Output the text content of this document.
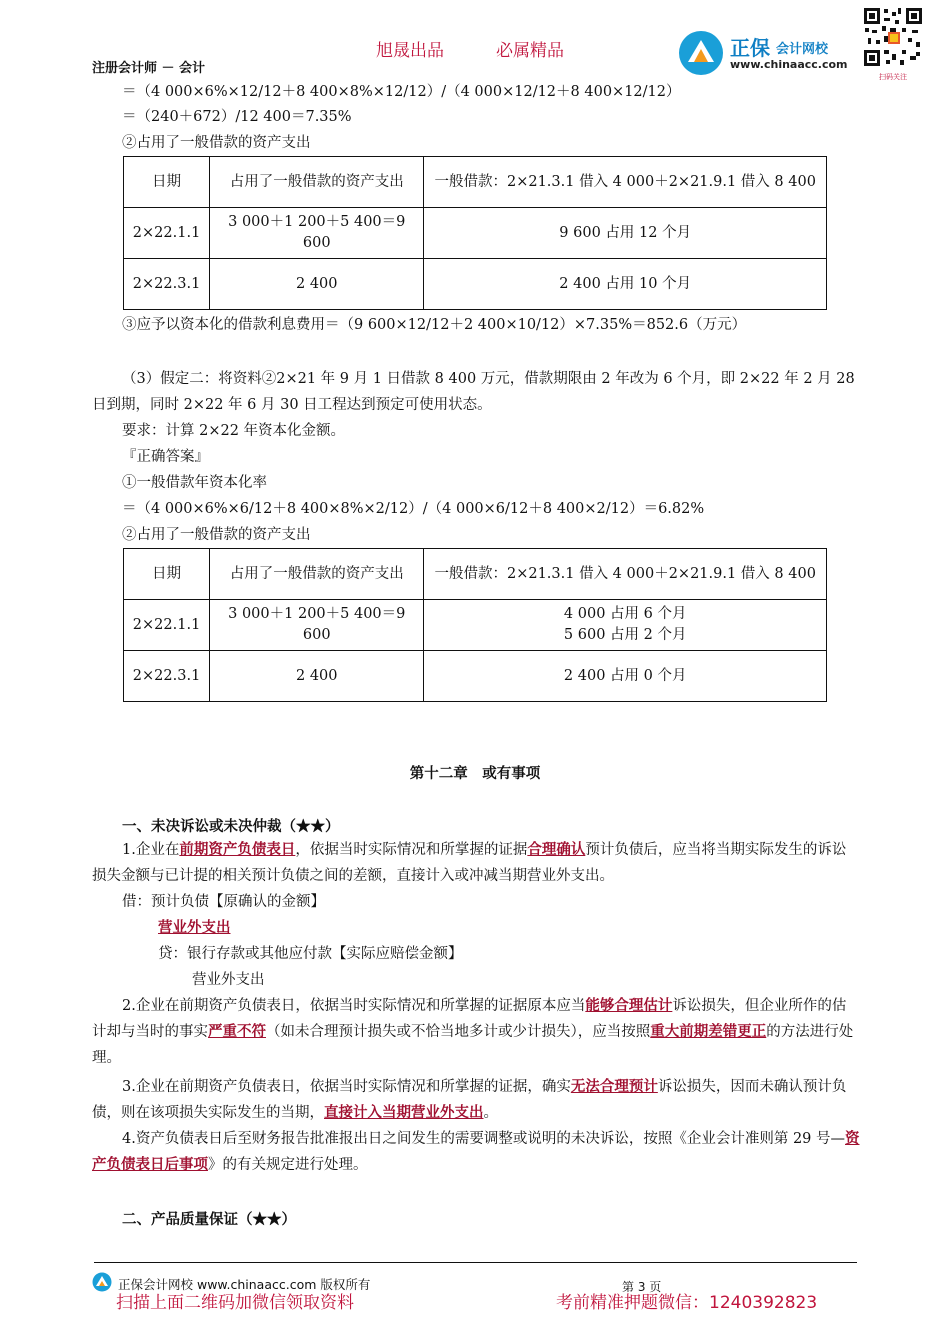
旭晟出品	必属精品
注册会计师 － 会计
正保 会计网校
www.chinaacc.com
扫码关注
＝（4 000×6%×12/12＋8 400×8%×12/12）/（4 000×12/12＋8 400×12/12）
＝（240＋672）/12 400＝7.35%
②占用了一般借款的资产支出
日期	占用了一般借款的资产支出	一般借款：2×21.3.1 借入 4 000＋2×21.9.1 借入 8 400
2×22.1.1	3 000＋1 200＋5 400＝9 600	9 600 占用 12 个月
2×22.3.1	2 400	2 400 占用 10 个月
③应予以资本化的借款利息费用＝（9 600×12/12＋2 400×10/12）×7.35%＝852.6（万元）
（3）假定二：将资料②2×21 年 9 月 1 日借款 8 400 万元，借款期限由 2 年改为 6 个月，即 2×22 年 2 月 28 日到期，同时 2×22 年 6 月 30 日工程达到预定可使用状态。
要求：计算 2×22 年资本化金额。
『正确答案』
①一般借款年资本化率
＝（4 000×6%×6/12＋8 400×8%×2/12）/（4 000×6/12＋8 400×2/12）＝6.82%
②占用了一般借款的资产支出
日期	占用了一般借款的资产支出	一般借款：2×21.3.1 借入 4 000＋2×21.9.1 借入 8 400
2×22.1.1	3 000＋1 200＋5 400＝9 600	4 000 占用 6 个月
5 600 占用 2 个月

2×22.3.1	2 400	2 400 占用 0 个月
第十二章　或有事项
一、未决诉讼或未决仲裁（★★）
1.企业在前期资产负债表日，依据当时实际情况和所掌握的证据合理确认预计负债后，应当将当期实际发生的诉讼损失金额与已计提的相关预计负债之间的差额，直接计入或冲减当期营业外支出。
借：预计负债【原确认的金额】
营业外支出
贷：银行存款或其他应付款【实际应赔偿金额】
营业外支出
2.企业在前期资产负债表日，依据当时实际情况和所掌握的证据原本应当能够合理估计诉讼损失，但企业所作的估计却与当时的事实严重不符（如未合理预计损失或不恰当地多计或少计损失），应当按照重大前期差错更正的方法进行处理。
3.企业在前期资产负债表日，依据当时实际情况和所掌握的证据，确实无法合理预计诉讼损失，因而未确认预计负债，则在该项损失实际发生的当期，直接计入当期营业外支出。
4.资产负债表日后至财务报告批准报出日之间发生的需要调整或说明的未决诉讼，按照《企业会计准则第 29 号—资产负债表日后事项》的有关规定进行处理。
二、产品质量保证（★★）
正保会计网校 www.chinaacc.com 版权所有	第 3 页
扫描上面二维码加微信领取资料	考前精准押题微信：1240392823
